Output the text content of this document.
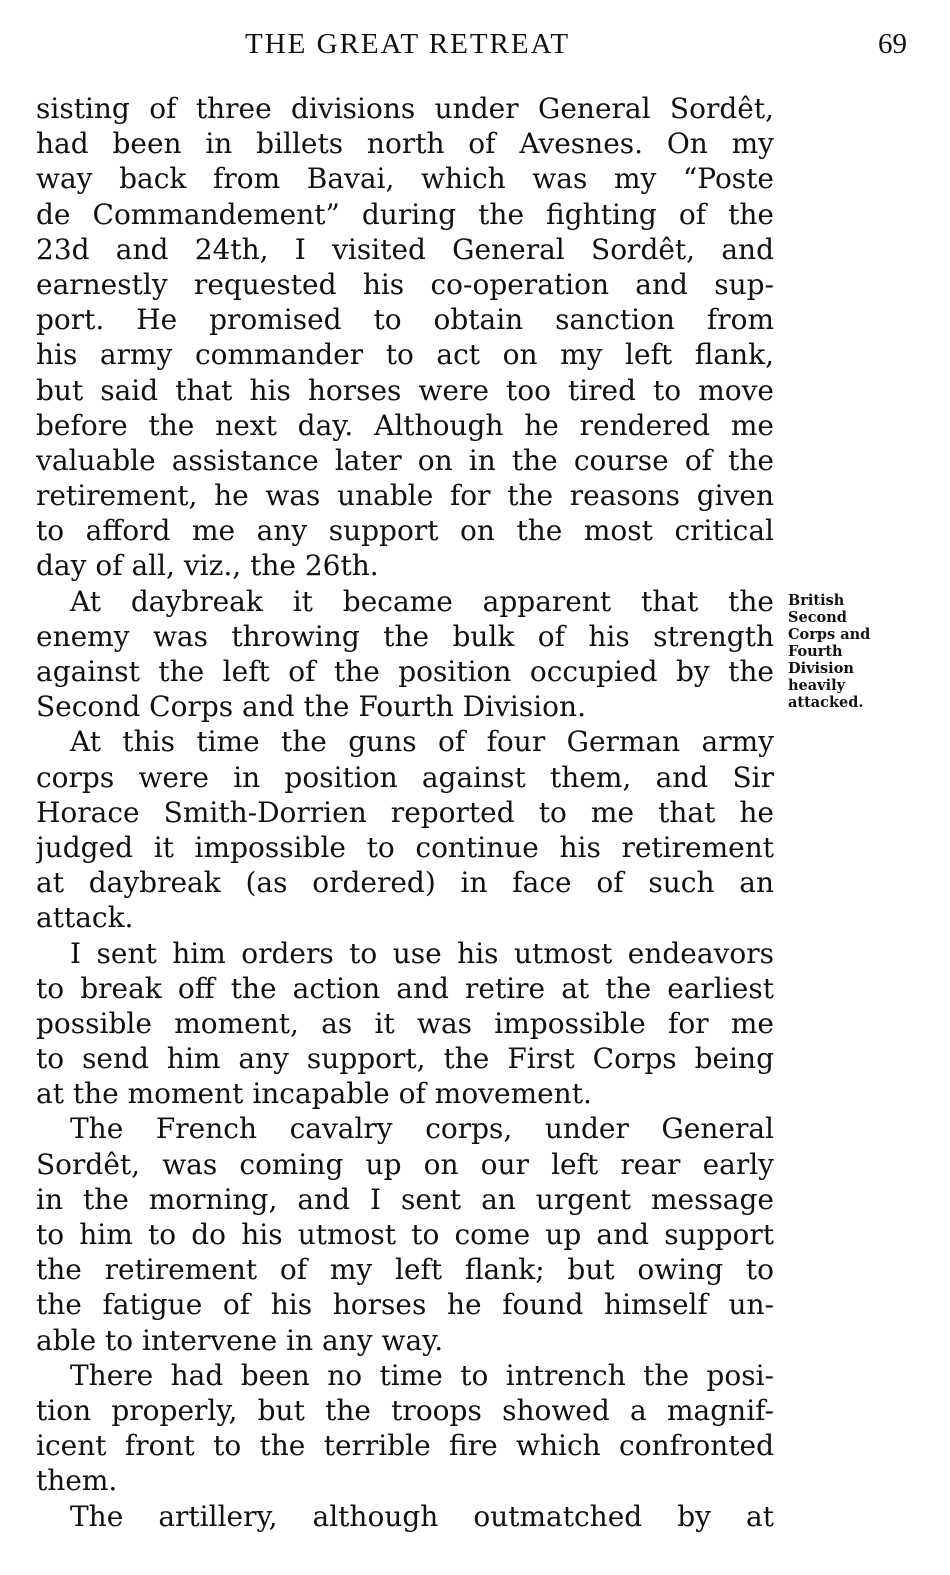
THE GREAT RETREAT	69
sisting of three divisions under General Sordêt,
had been in billets north of Avesnes. On my
way back from Bavai, which was my “Poste
de Commandement” during the fighting of the
23d and 24th, I visited General Sordêt, and
earnestly requested his co-operation and sup-
port. He promised to obtain sanction from
his army commander to act on my left flank,
but said that his horses were too tired to move
before the next day. Although he rendered me
valuable assistance later on in the course of the
retirement, he was unable for the reasons given
to afford me any support on the most critical
day of all, viz., the 26th.
At daybreak it became apparent that the
enemy was throwing the bulk of his strength
against the left of the position occupied by the
Second Corps and the Fourth Division.
At this time the guns of four German army
corps were in position against them, and Sir
Horace Smith-Dorrien reported to me that he
judged it impossible to continue his retirement
at daybreak (as ordered) in face of such an
attack.
I sent him orders to use his utmost endeavors
to break off the action and retire at the earliest
possible moment, as it was impossible for me
to send him any support, the First Corps being
at the moment incapable of movement.
The French cavalry corps, under General
Sordêt, was coming up on our left rear early
in the morning, and I sent an urgent message
to him to do his utmost to come up and support
the retirement of my left flank; but owing to
the fatigue of his horses he found himself un-
able to intervene in any way.
There had been no time to intrench the posi-
tion properly, but the troops showed a magnif-
icent front to the terrible fire which confronted
them.
The artillery, although outmatched by at
British
Second
Corps and
Fourth
Division
heavily
attacked.
